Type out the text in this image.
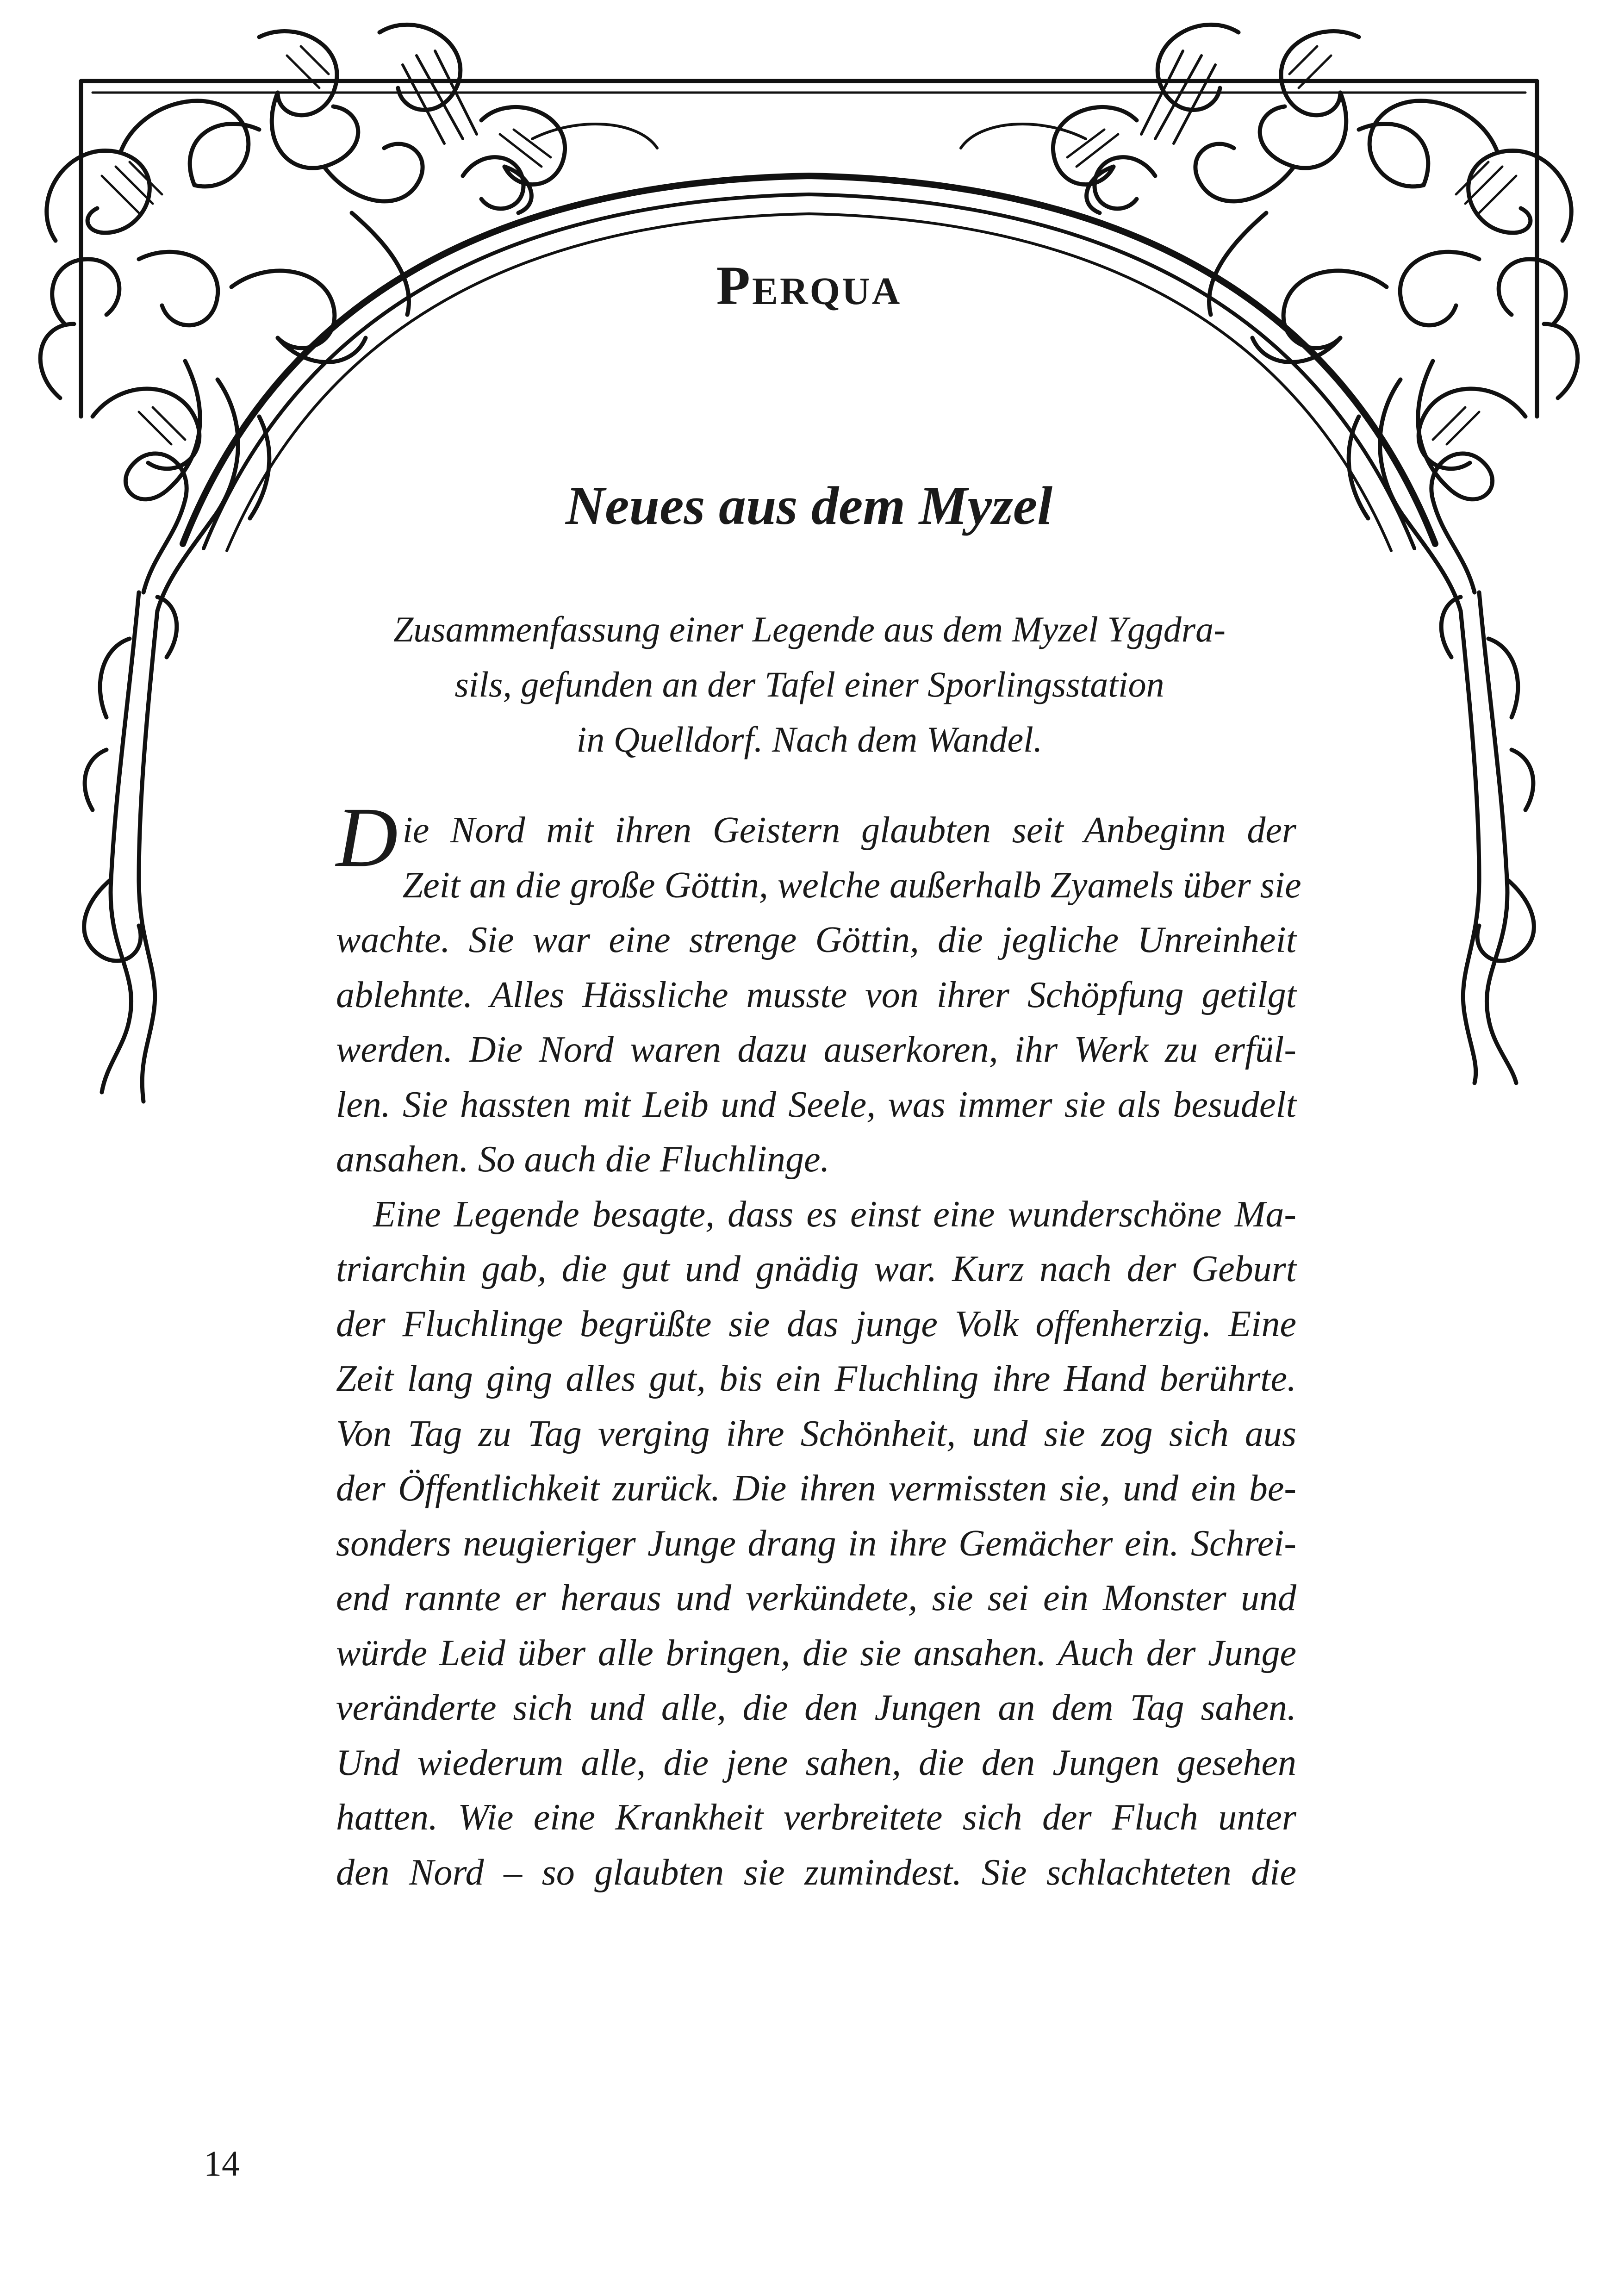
Perqua
Neues aus dem Myzel
Zusammenfassung einer Legende aus dem Myzel Yggdra-
sils, gefunden an der Tafel einer Sporlingsstation
in Quelldorf. Nach dem Wandel.
Die Nord mit ihren Geistern glaubten seit Anbeginn der
Zeit an die große Göttin, welche außerhalb Zyamels über sie
wachte. Sie war eine strenge Göttin, die jegliche Unreinheit
ablehnte. Alles Hässliche musste von ihrer Schöpfung getilgt
werden. Die Nord waren dazu auserkoren, ihr Werk zu erfül-
len. Sie hassten mit Leib und Seele, was immer sie als besudelt
ansahen. So auch die Fluchlinge.
Eine Legende besagte, dass es einst eine wunderschöne Ma-
triarchin gab, die gut und gnädig war. Kurz nach der Geburt
der Fluchlinge begrüßte sie das junge Volk offenherzig. Eine
Zeit lang ging alles gut, bis ein Fluchling ihre Hand berührte.
Von Tag zu Tag verging ihre Schönheit, und sie zog sich aus
der Öffentlichkeit zurück. Die ihren vermissten sie, und ein be-
sonders neugieriger Junge drang in ihre Gemächer ein. Schrei-
end rannte er heraus und verkündete, sie sei ein Monster und
würde Leid über alle bringen, die sie ansahen. Auch der Junge
veränderte sich und alle, die den Jungen an dem Tag sahen.
Und wiederum alle, die jene sahen, die den Jungen gesehen
hatten. Wie eine Krankheit verbreitete sich der Fluch unter
den Nord – so glaubten sie zumindest. Sie schlachteten die
14
